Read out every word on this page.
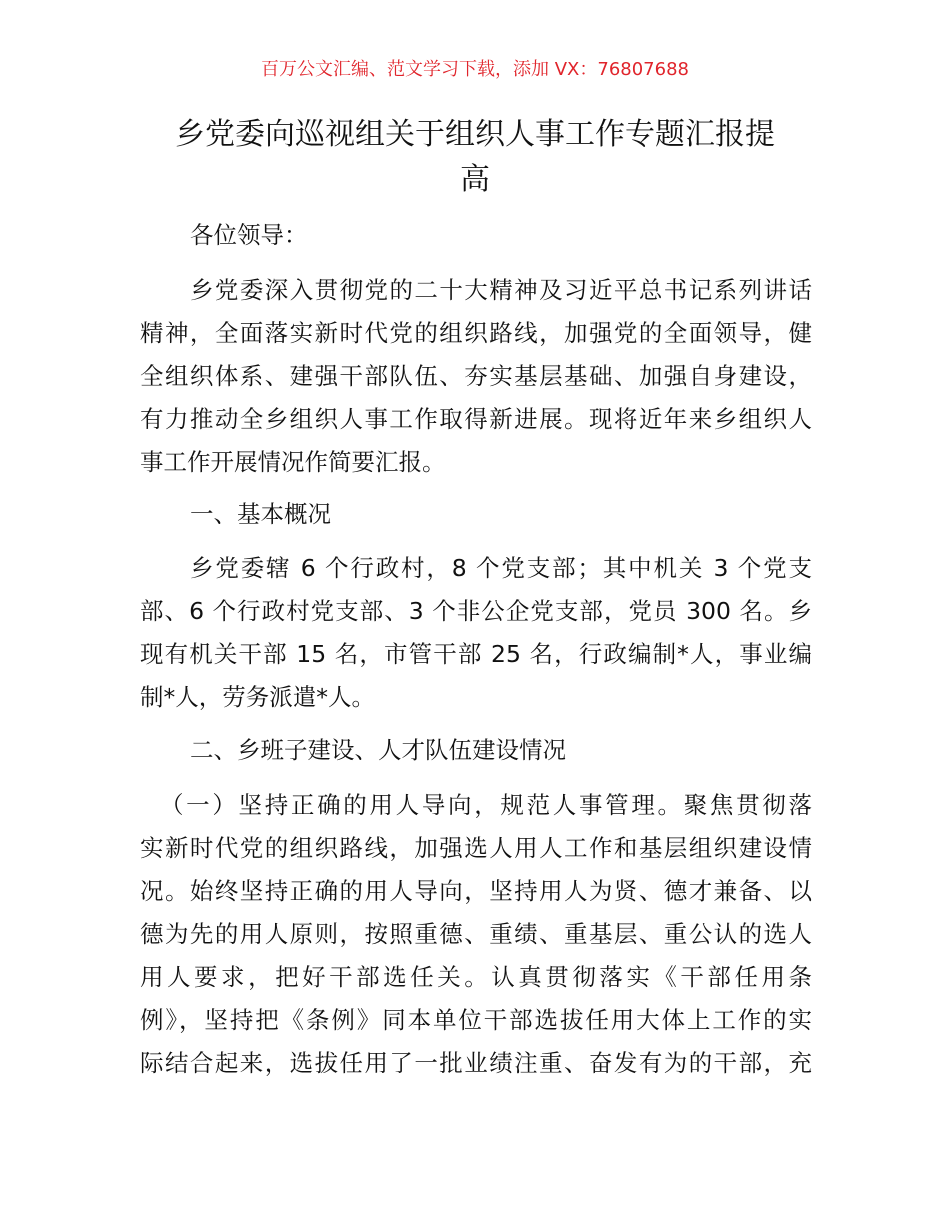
百万公文汇编、范文学习下载，添加 VX：76807688
乡党委向巡视组关于组织人事工作专题汇报提
高
各位领导：
乡党委深入贯彻党的二十大精神及习近平总书记系列讲话
精神，全面落实新时代党的组织路线，加强党的全面领导，健
全组织体系、建强干部队伍、夯实基层基础、加强自身建设，
有力推动全乡组织人事工作取得新进展。现将近年来乡组织人
事工作开展情况作简要汇报。
一、基本概况
乡党委辖 6 个行政村，8 个党支部；其中机关 3 个党支
部、6 个行政村党支部、3 个非公企党支部，党员 300 名。乡
现有机关干部 15 名，市管干部 25 名，行政编制*人，事业编
制*人，劳务派遣*人。
二、乡班子建设、人才队伍建设情况
（一）坚持正确的用人导向，规范人事管理。聚焦贯彻落
实新时代党的组织路线，加强选人用人工作和基层组织建设情
况。始终坚持正确的用人导向，坚持用人为贤、德才兼备、以
德为先的用人原则，按照重德、重绩、重基层、重公认的选人
用人要求，把好干部选任关。认真贯彻落实《干部任用条
例》，坚持把《条例》同本单位干部选拔任用大体上工作的实
际结合起来，选拔任用了一批业绩注重、奋发有为的干部，充
